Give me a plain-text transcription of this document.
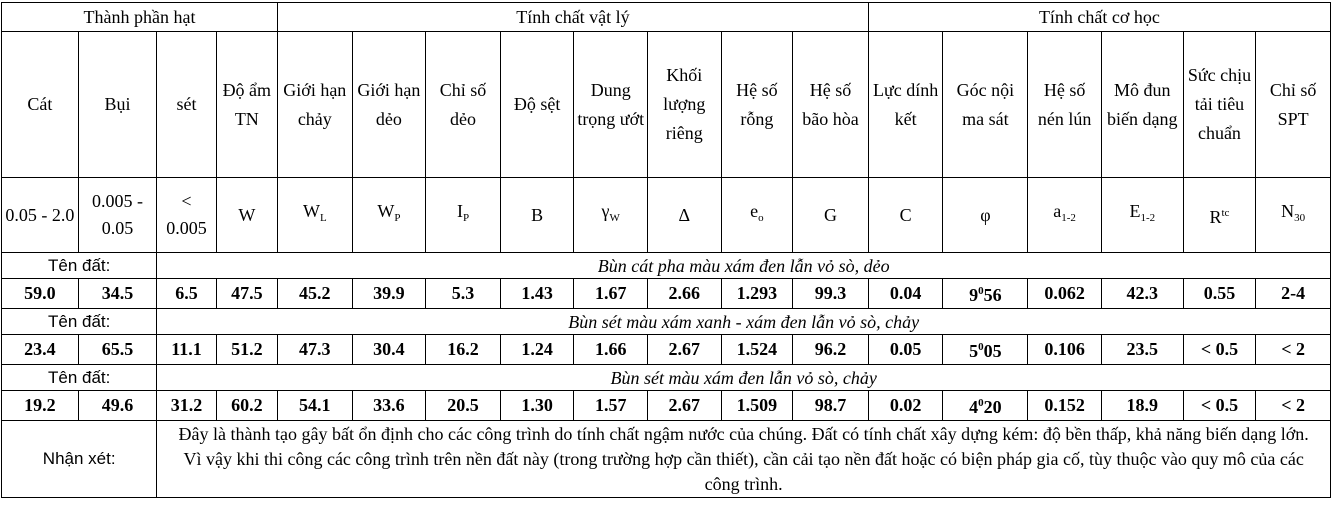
Thành phần hạt				Tính chất vật lý								Tính chất cơ học					
Cát	Bụi	sét	Độ ẩm TN	Giới hạn chảy	Giới hạn dẻo	Chỉ số dẻo	Độ sệt	Dung trọng ướt	Khối lượng riêng	Hệ số rỗng	Hệ số bão hòa	Lực dính kết	Góc nội ma sát	Hệ số nén lún	Mô đun biến dạng	Sức chịu tải tiêu chuẩn	Chỉ số SPT
0.05 - 2.0	0.005 - 0.05	< 0.005	W	$W_L$	$W_P$	$I_P$	B	$\gamma_W$	Δ	$e_o$	G	C	φ	$a_{1-2}$	$E_{1-2}$	$R^{tc}$	$N_{30}$
Tên đất:		Bùn cát pha màu xám đen lẫn vỏ sò, dẻo															
59.0	34.5	6.5	47.5	45.2	39.9	5.3	1.43	1.67	2.66	1.293	99.3	0.04	$9^056$	0.062	42.3	0.55	2-4
Tên đất:		Bùn sét màu xám xanh - xám đen lẫn vỏ sò, chảy															
23.4	65.5	11.1	51.2	47.3	30.4	16.2	1.24	1.66	2.67	1.524	96.2	0.05	$5^005$	0.106	23.5	< 0.5	< 2
Tên đất:		Bùn sét màu xám đen lẫn vỏ sò, chảy															
19.2	49.6	31.2	60.2	54.1	33.6	20.5	1.30	1.57	2.67	1.509	98.7	0.02	$4^020$	0.152	18.9	< 0.5	< 2
Nhận xét:		Đây là thành tạo gây bất ổn định cho các công trình do tính chất ngậm nước của chúng. Đất có tính chất xây dựng kém: độ bền thấp, khả năng biến dạng lớn. Vì vậy khi thi công các công trình trên nền đất này (trong trường hợp cần thiết), cần cải tạo nền đất hoặc có biện pháp gia cố, tùy thuộc vào quy mô của các công trình.															
